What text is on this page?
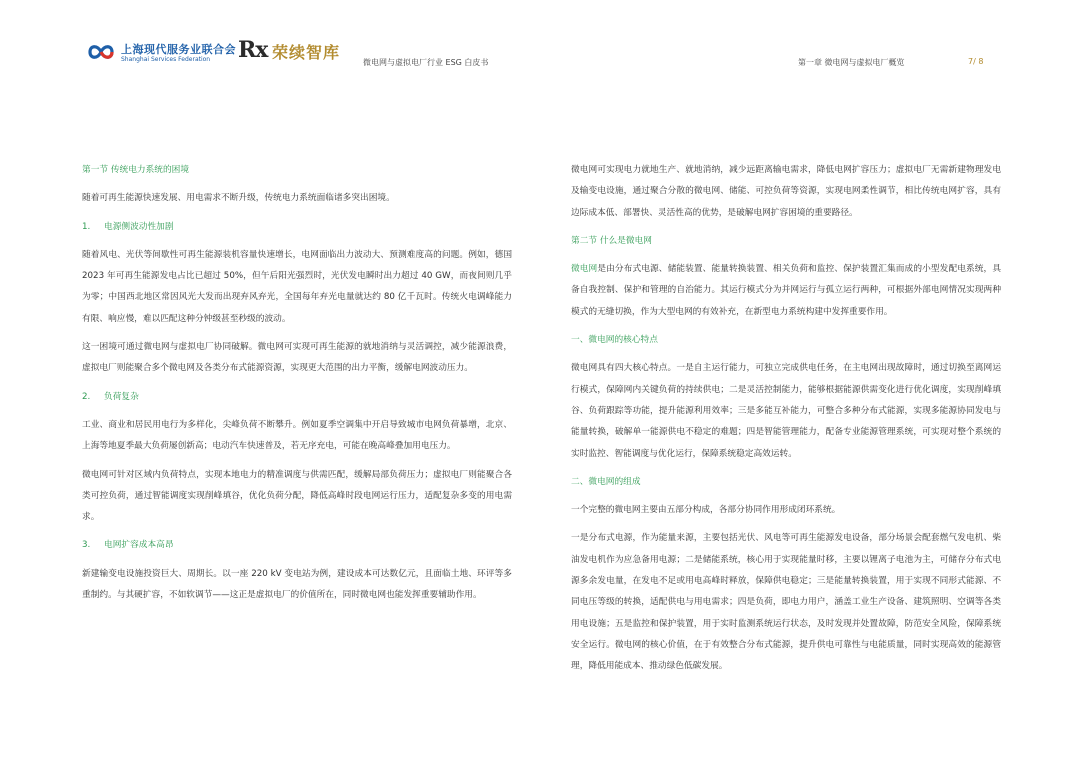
上海现代服务业联合会
Shanghai Services Federation Rx 荣续智库
微电网与虚拟电厂行业 ESG 白皮书	第一章 微电网与虚拟电厂概览	7/ 8
第一节 传统电力系统的困境

随着可再生能源快速发展、用电需求不断升级，传统电力系统面临诸多突出困境。

1. 电源侧波动性加剧

随着风电、光伏等间歇性可再生能源装机容量快速增长，电网面临出力波动大、预测难度高的问题。例如，德国 2023 年可再生能源发电占比已超过 50%，但午后阳光强烈时，光伏发电瞬时出力超过 40 GW，而夜间则几乎为零；中国西北地区常因风光大发而出现弃风弃光，全国每年弃光电量就达约 80 亿千瓦时。传统火电调峰能力有限、响应慢，难以匹配这种分钟级甚至秒级的波动。

这一困境可通过微电网与虚拟电厂协同破解。微电网可实现可再生能源的就地消纳与灵活调控，减少能源浪费，虚拟电厂则能聚合多个微电网及各类分布式能源资源，实现更大范围的出力平衡，缓解电网波动压力。

2. 负荷复杂

工业、商业和居民用电行为多样化，尖峰负荷不断攀升。例如夏季空调集中开启导致城市电网负荷暴增，北京、上海等地夏季最大负荷屡创新高；电动汽车快速普及，若无序充电，可能在晚高峰叠加用电压力。

微电网可针对区域内负荷特点，实现本地电力的精准调度与供需匹配，缓解局部负荷压力；虚拟电厂则能聚合各类可控负荷，通过智能调度实现削峰填谷，优化负荷分配，降低高峰时段电网运行压力，适配复杂多变的用电需求。

3. 电网扩容成本高昂

新建输变电设施投资巨大、周期长。以一座 220 kV 变电站为例，建设成本可达数亿元，且面临土地、环评等多重制约。与其硬扩容，不如软调节——这正是虚拟电厂的价值所在，同时微电网也能发挥重要辅助作用。

微电网可实现电力就地生产、就地消纳，减少远距离输电需求，降低电网扩容压力；虚拟电厂无需新建物理发电及输变电设施，通过聚合分散的微电网、储能、可控负荷等资源，实现电网柔性调节，相比传统电网扩容，具有边际成本低、部署快、灵活性高的优势，是破解电网扩容困境的重要路径。

第二节 什么是微电网

微电网是由分布式电源、储能装置、能量转换装置、相关负荷和监控、保护装置汇集而成的小型发配电系统，具备自我控制、保护和管理的自治能力。其运行模式分为并网运行与孤立运行两种，可根据外部电网情况实现两种模式的无缝切换，作为大型电网的有效补充，在新型电力系统构建中发挥重要作用。

一、微电网的核心特点

微电网具有四大核心特点。一是自主运行能力，可独立完成供电任务，在主电网出现故障时，通过切换至离网运行模式，保障网内关键负荷的持续供电；二是灵活控制能力，能够根据能源供需变化进行优化调度，实现削峰填谷、负荷跟踪等功能，提升能源利用效率；三是多能互补能力，可整合多种分布式能源，实现多能源协同发电与能量转换，破解单一能源供电不稳定的难题；四是智能管理能力，配备专业能源管理系统，可实现对整个系统的实时监控、智能调度与优化运行，保障系统稳定高效运转。

二、微电网的组成

一个完整的微电网主要由五部分构成，各部分协同作用形成闭环系统。

一是分布式电源，作为能量来源，主要包括光伏、风电等可再生能源发电设备，部分场景会配套燃气发电机、柴油发电机作为应急备用电源；二是储能系统，核心用于实现能量时移，主要以锂离子电池为主，可储存分布式电源多余发电量，在发电不足或用电高峰时释放，保障供电稳定；三是能量转换装置，用于实现不同形式能源、不同电压等级的转换，适配供电与用电需求；四是负荷，即电力用户，涵盖工业生产设备、建筑照明、空调等各类用电设施；五是监控和保护装置，用于实时监测系统运行状态，及时发现并处置故障，防范安全风险，保障系统安全运行。微电网的核心价值，在于有效整合分布式能源，提升供电可靠性与电能质量，同时实现高效的能源管理，降低用能成本、推动绿色低碳发展。
